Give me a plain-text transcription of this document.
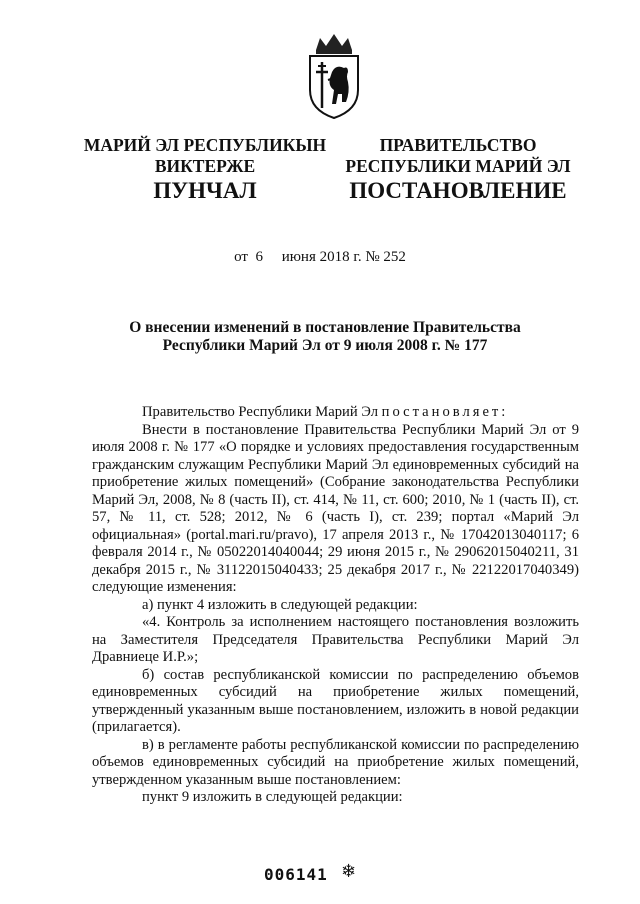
МАРИЙ ЭЛ РЕСПУБЛИКЫН
ВИКТЕРЖЕ
ПРАВИТЕЛЬСТВО
РЕСПУБЛИКИ МАРИЙ ЭЛ
ПУНЧАЛ	ПОСТАНОВЛЕНИЕ
от 6 июня 2018 г. № 252
О внесении изменений в постановление Правительства
Республики Марий Эл от 9 июля 2008 г. № 177

Правительство Республики Марий Эл постановляет:

Внести в постановление Правительства Республики Марий Эл от 9 июля 2008 г. № 177 «О порядке и условиях предоставления государственным гражданским служащим Республики Марий Эл единовременных субсидий на приобретение жилых помещений» (Собрание законодательства Республики Марий Эл, 2008, № 8 (часть II), ст. 414, № 11, ст. 600; 2010, № 1 (часть II), ст. 57, № 11, ст. 528; 2012, № 6 (часть I), ст. 239; портал «Марий Эл официальная» (portal.mari.ru/pravo), 17 апреля 2013 г., № 17042013040117; 6 февраля 2014 г., № 05022014040044; 29 июня 2015 г., № 29062015040211, 31 декабря 2015 г., № 31122015040433; 25 декабря 2017 г., № 22122017040349) следующие изменения:

а) пункт 4 изложить в следующей редакции:

«4. Контроль за исполнением настоящего постановления возложить на Заместителя Председателя Правительства Республики Марий Эл Дравниеце И.Р.»;

б) состав республиканской комиссии по распределению объемов единовременных субсидий на приобретение жилых помещений, утвержденный указанным выше постановлением, изложить в новой редакции (прилагается).

в) в регламенте работы республиканской комиссии по распределению объемов единовременных субсидий на приобретение жилых помещений, утвержденном указанным выше постановлением:

пункт 9 изложить в следующей редакции:

006141 ❄
